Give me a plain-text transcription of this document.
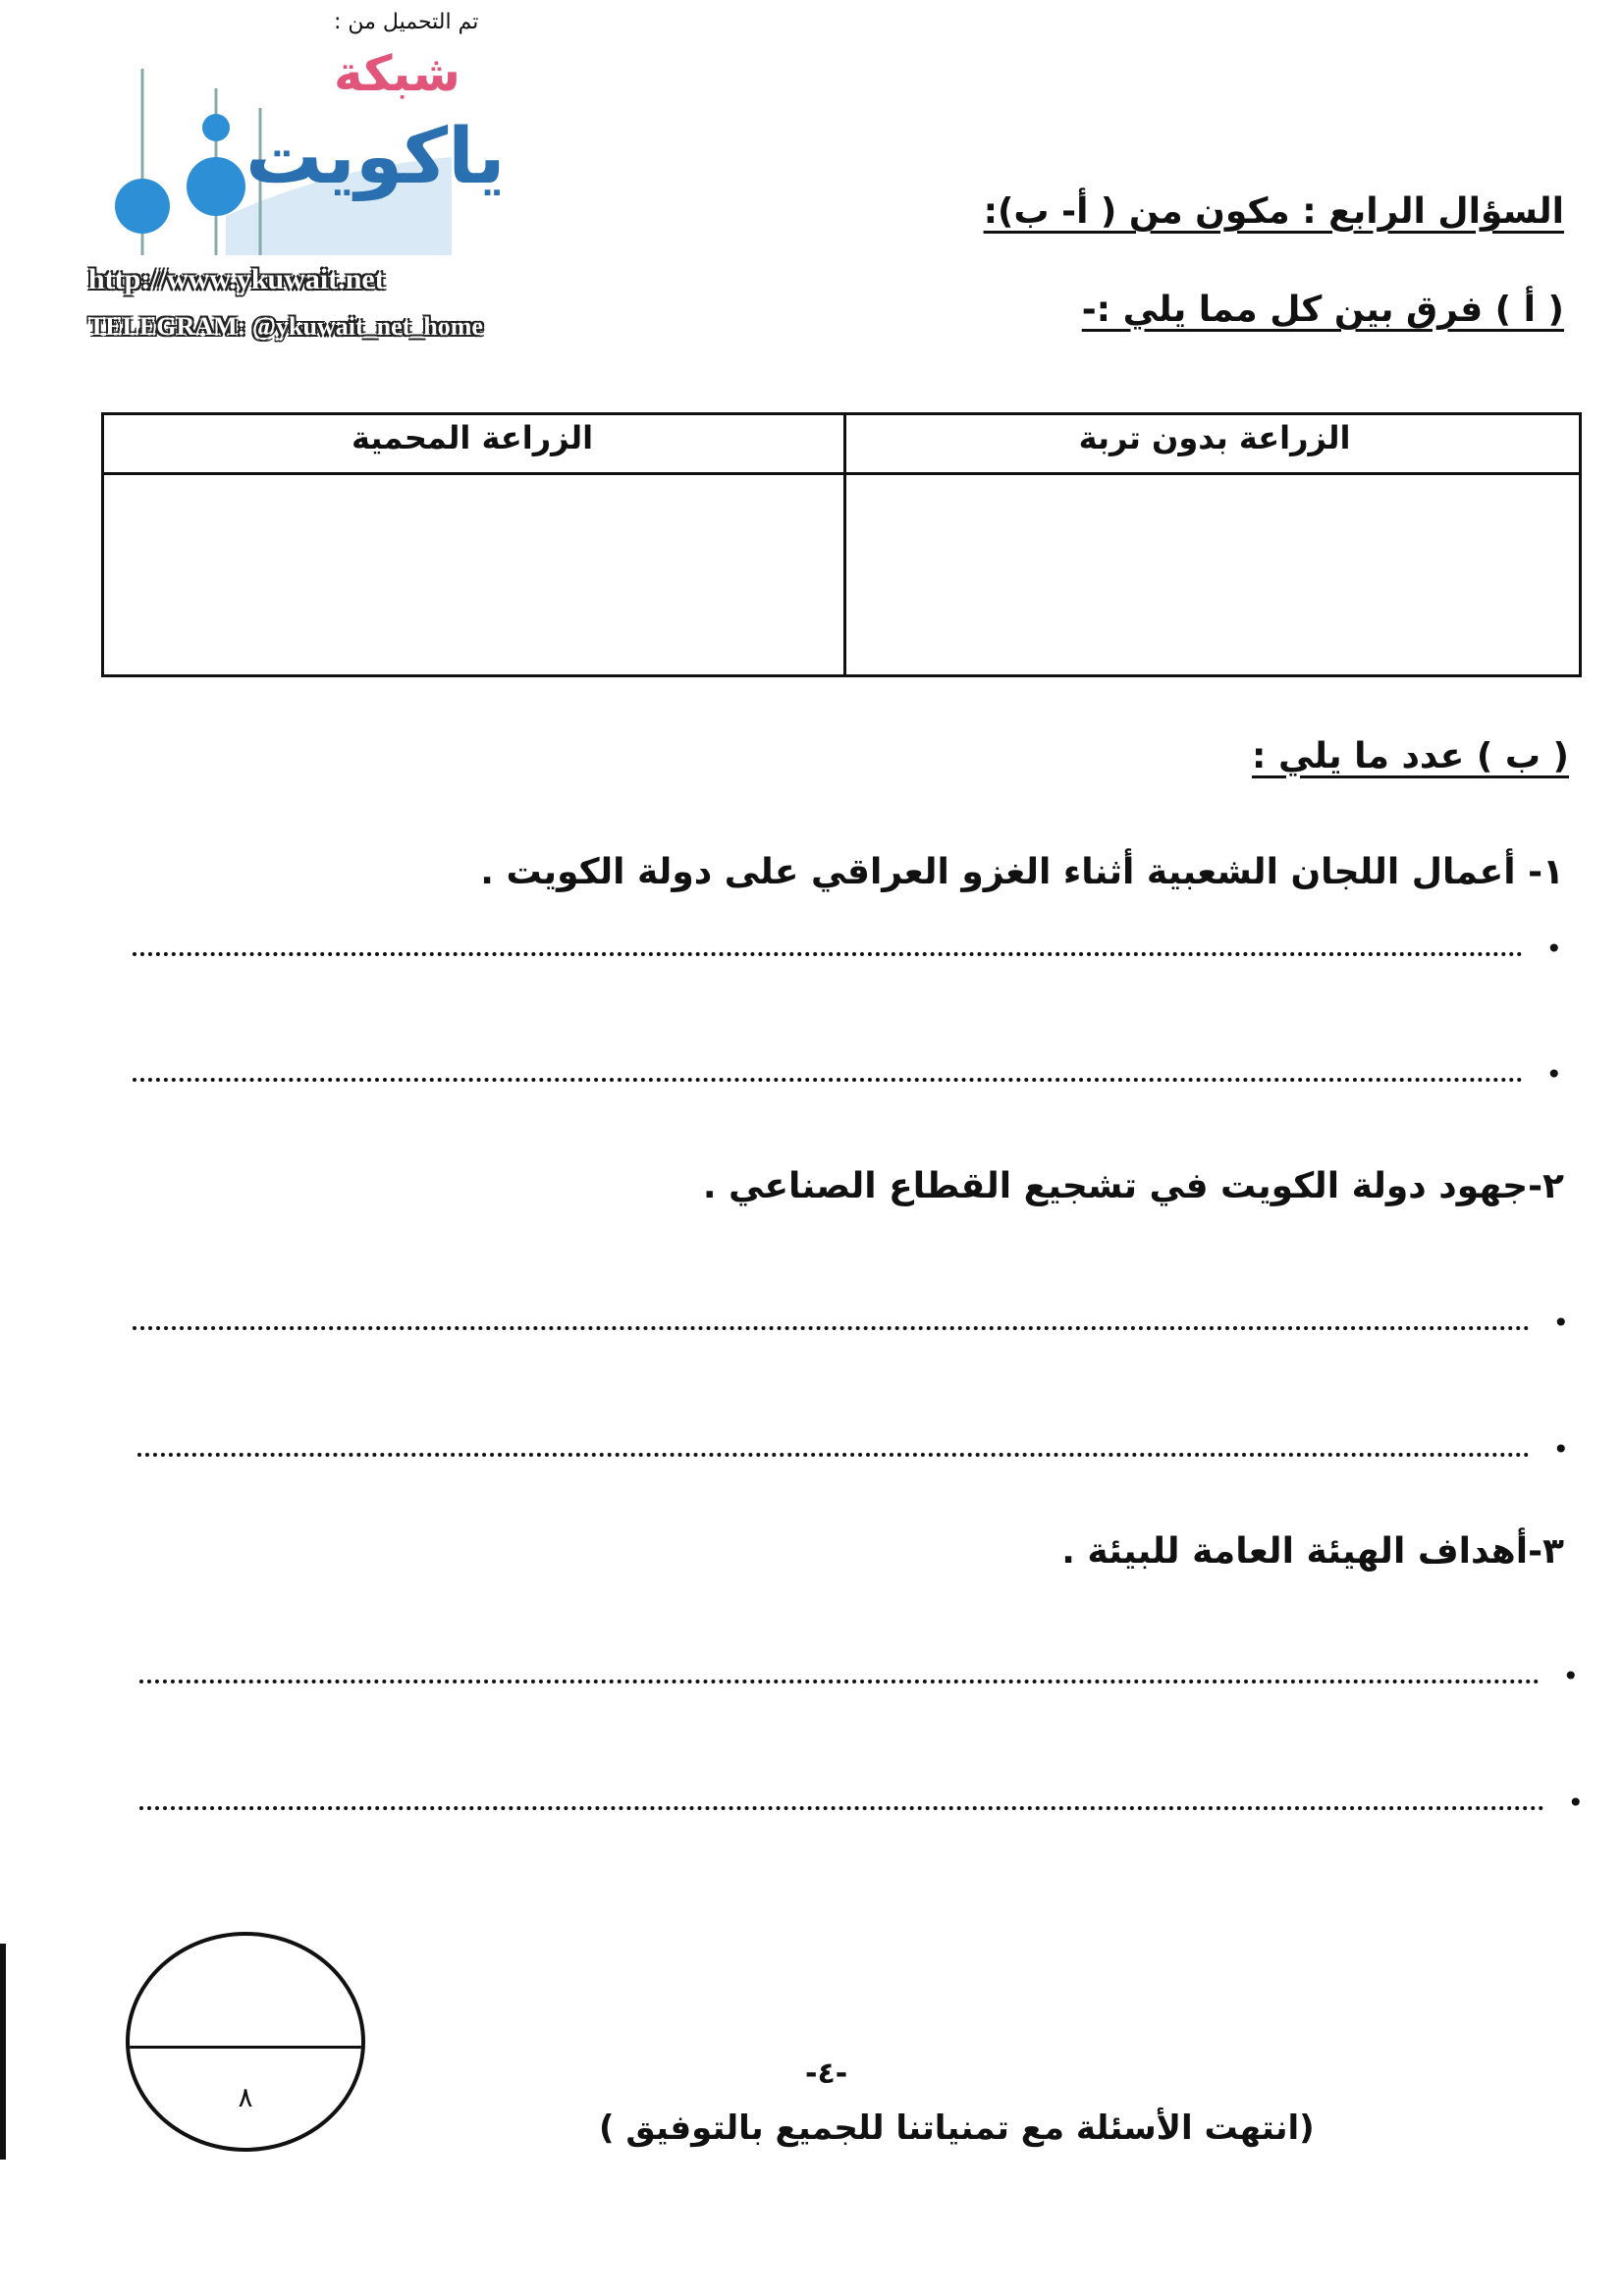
تم التحميل من :
شبكة
ياكويت
http://www.ykuwait.net
TELEGRAM: @ykuwait_net_home
السؤال الرابع : مكون من ( أ- ب):
( أ ) فرق بين كل مما يلي :-
الزراعة بدون تربة
الزراعة المحمية
( ب ) عدد ما يلي :
١- أعمال اللجان الشعبية أثناء الغزو العراقي على دولة الكويت .
•
•
٢-جهود دولة الكويت في تشجيع القطاع الصناعي .
•
•
٣-أهداف الهيئة العامة للبيئة .
•
•
٨
-٤-
(انتهت الأسئلة مع تمنياتنا للجميع بالتوفيق )
